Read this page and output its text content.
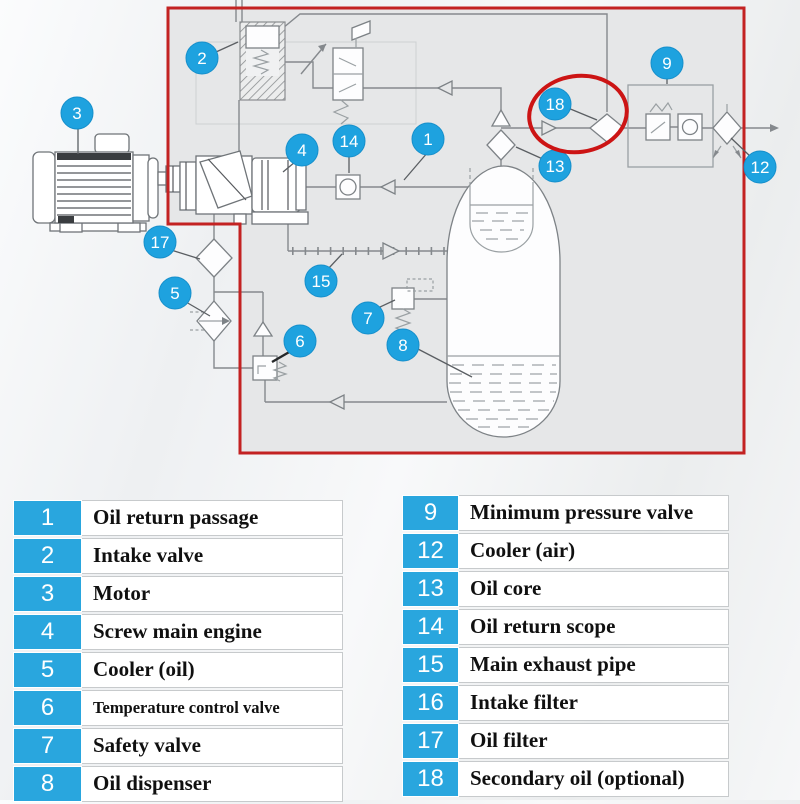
1
2
3
4
5
6
7
8
9
12
13
14
15
17
18
1	Oil return passage
2	Intake valve
3	Motor
4	Screw main engine
5	Cooler (oil)
6	Temperature control valve
7	Safety valve
8	Oil dispenser
9	Minimum pressure valve
12	Cooler (air)
13	Oil core
14	Oil return scope
15	Main exhaust pipe
16	Intake filter
17	Oil filter
18	Secondary oil (optional)
